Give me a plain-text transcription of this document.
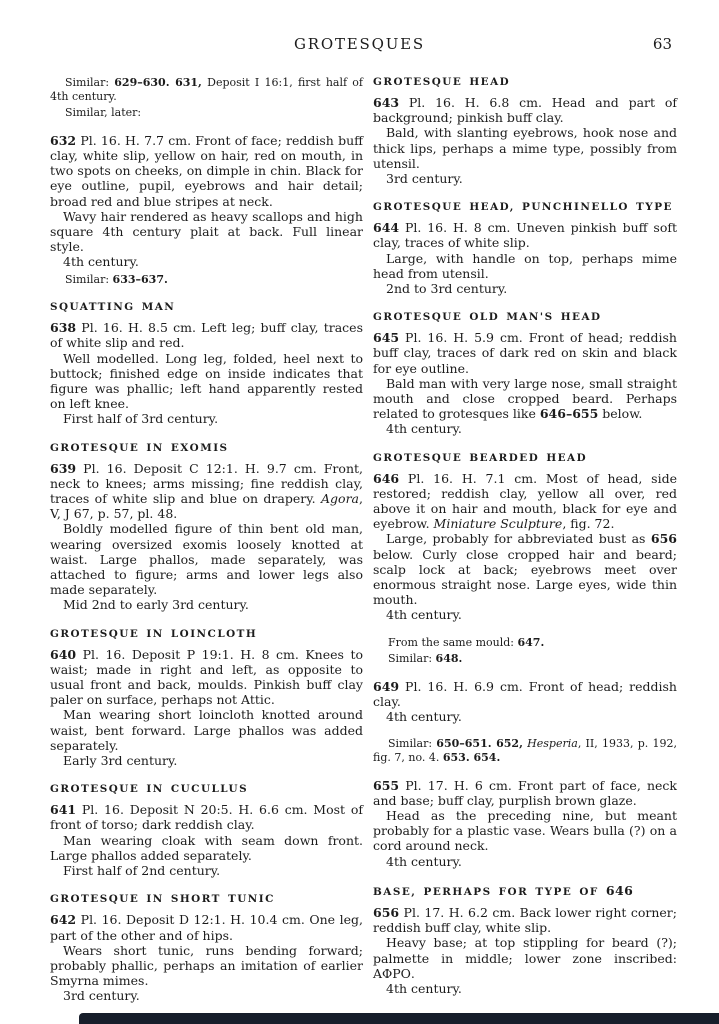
GROTESQUES	63
Similar: 629–630. 631, Deposit I 16:1, first half of 4th century.
Similar, later:
632 Pl. 16. H. 7.7 cm. Front of face; reddish buff clay, white slip, yellow on hair, red on mouth, in two spots on cheeks, on dimple in chin. Black for eye outline, pupil, eyebrows and hair detail; broad red and blue stripes at neck.
Wavy hair rendered as heavy scallops and high square 4th century plait at back. Full linear style.
4th century.
Similar: 633–637.
SQUATTING MAN
638 Pl. 16. H. 8.5 cm. Left leg; buff clay, traces of white slip and red.
Well modelled. Long leg, folded, heel next to buttock; finished edge on inside indicates that figure was phallic; left hand apparently rested on left knee.
First half of 3rd century.
GROTESQUE IN EXOMIS
639 Pl. 16. Deposit C 12:1. H. 9.7 cm. Front, neck to knees; arms missing; fine reddish clay, traces of white slip and blue on drapery. Agora, V, J 67, p. 57, pl. 48.
Boldly modelled figure of thin bent old man, wearing oversized exomis loosely knotted at waist. Large phallos, made separately, was attached to figure; arms and lower legs also made separately.
Mid 2nd to early 3rd century.
GROTESQUE IN LOINCLOTH
640 Pl. 16. Deposit P 19:1. H. 8 cm. Knees to waist; made in right and left, as opposite to usual front and back, moulds. Pinkish buff clay paler on surface, perhaps not Attic.
Man wearing short loincloth knotted around waist, bent forward. Large phallos was added separately.
Early 3rd century.
GROTESQUE IN CUCULLUS
641 Pl. 16. Deposit N 20:5. H. 6.6 cm. Most of front of torso; dark reddish clay.
Man wearing cloak with seam down front. Large phallos added separately.
First half of 2nd century.
GROTESQUE IN SHORT TUNIC
642 Pl. 16. Deposit D 12:1. H. 10.4 cm. One leg, part of the other and of hips.
Wears short tunic, runs bending forward; probably phallic, perhaps an imitation of earlier Smyrna mimes.
3rd century.
GROTESQUE HEAD
643 Pl. 16. H. 6.8 cm. Head and part of background; pinkish buff clay.
Bald, with slanting eyebrows, hook nose and thick lips, perhaps a mime type, possibly from utensil.
3rd century.
GROTESQUE HEAD, PUNCHINELLO TYPE
644 Pl. 16. H. 8 cm. Uneven pinkish buff soft clay, traces of white slip.
Large, with handle on top, perhaps mime head from utensil.
2nd to 3rd century.
GROTESQUE OLD MAN'S HEAD
645 Pl. 16. H. 5.9 cm. Front of head; reddish buff clay, traces of dark red on skin and black for eye outline.
Bald man with very large nose, small straight mouth and close cropped beard. Perhaps related to grotesques like 646–655 below.
4th century.
GROTESQUE BEARDED HEAD
646 Pl. 16. H. 7.1 cm. Most of head, side restored; reddish clay, yellow all over, red above it on hair and mouth, black for eye and eyebrow. Miniature Sculpture, fig. 72.
Large, probably for abbreviated bust as 656 below. Curly close cropped hair and beard; scalp lock at back; eyebrows meet over enormous straight nose. Large eyes, wide thin mouth.
4th century.
From the same mould: 647.
Similar: 648.
649 Pl. 16. H. 6.9 cm. Front of head; reddish clay.
4th century.
Similar: 650–651. 652, Hesperia, II, 1933, p. 192, fig. 7, no. 4. 653. 654.
655 Pl. 17. H. 6 cm. Front part of face, neck and base; buff clay, purplish brown glaze.
Head as the preceding nine, but meant probably for a plastic vase. Wears bulla (?) on a cord around neck.
4th century.
BASE, PERHAPS FOR TYPE OF 646
656 Pl. 17. H. 6.2 cm. Back lower right corner; reddish buff clay, white slip.
Heavy base; at top stippling for beard (?); palmette in middle; lower zone inscribed: ΑΦΡΟ.
4th century.
